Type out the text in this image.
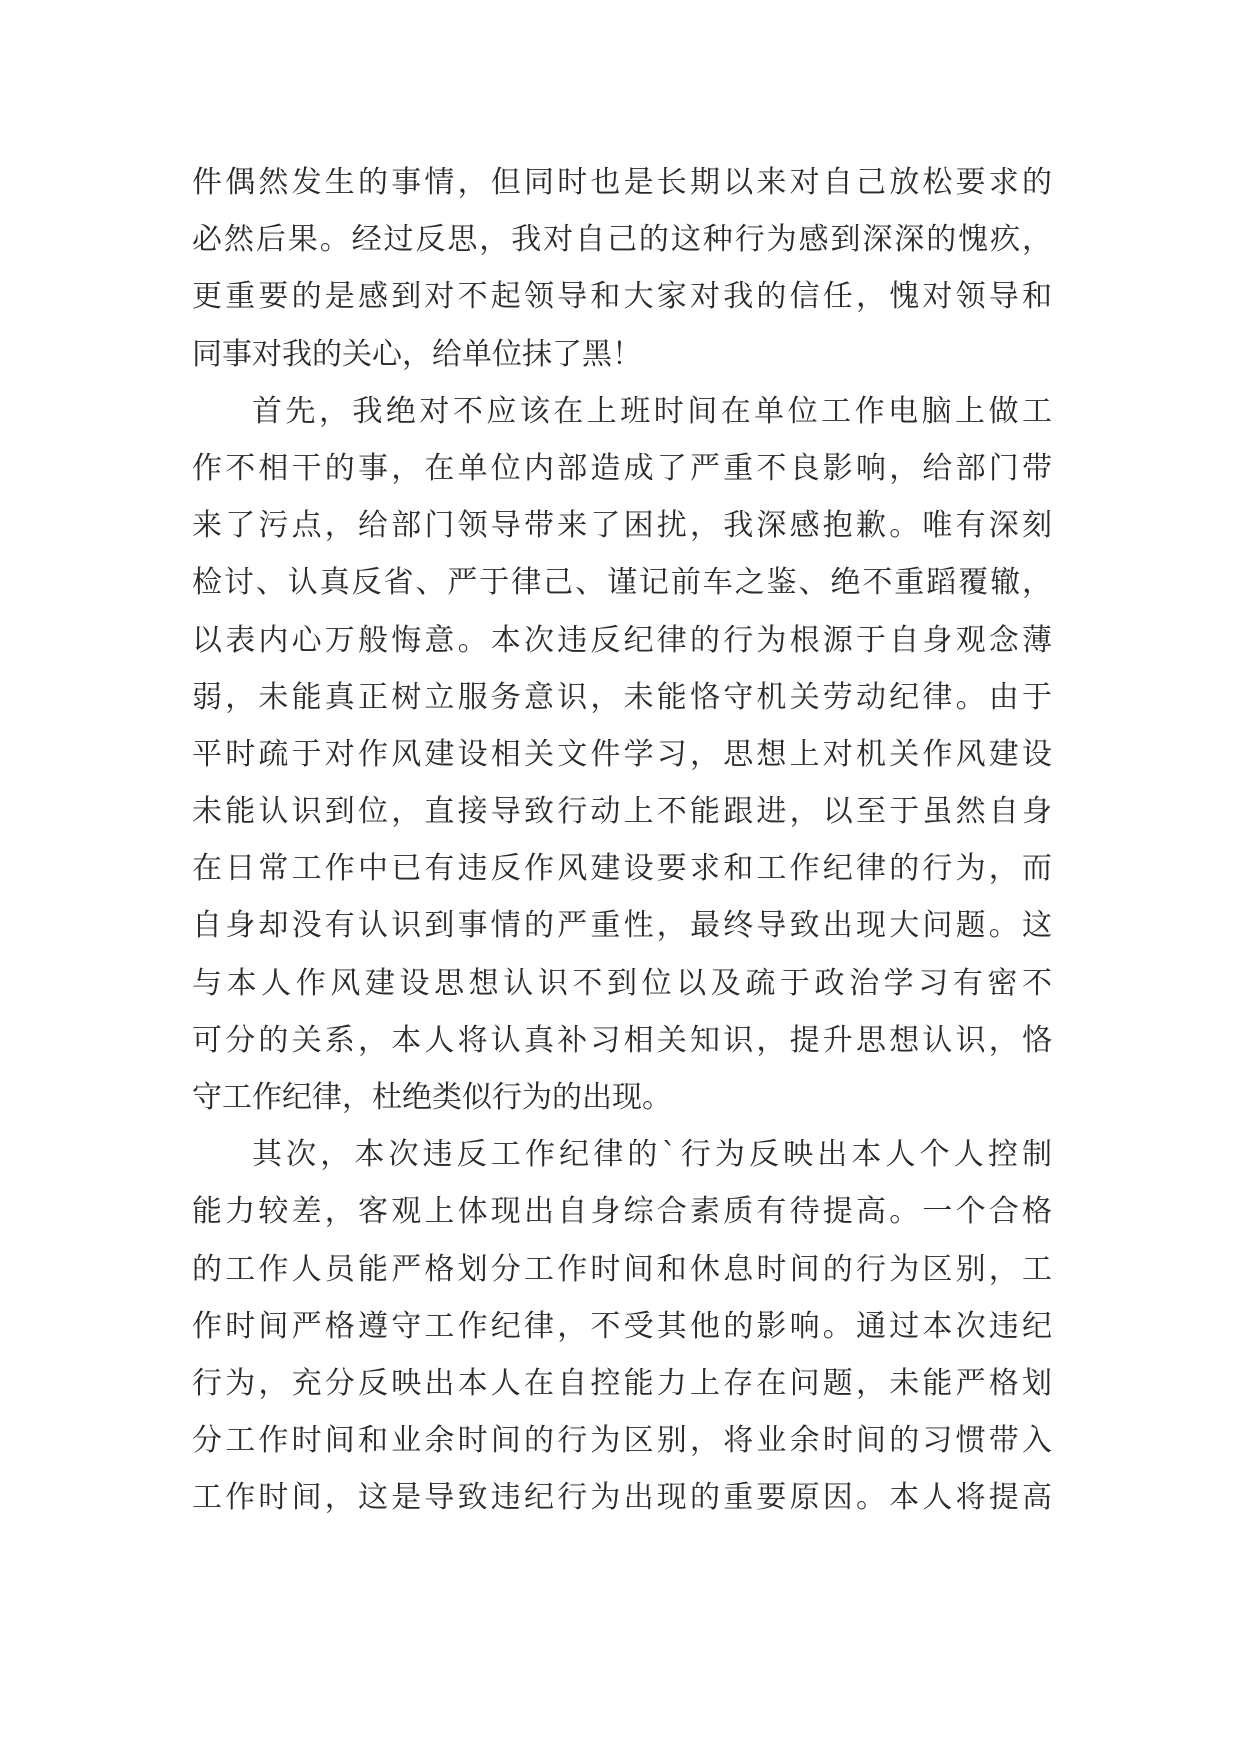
件偶然发生的事情，但同时也是长期以来对自己放松要求的
必然后果。经过反思，我对自己的这种行为感到深深的愧疚，
更重要的是感到对不起领导和大家对我的信任，愧对领导和
同事对我的关心，给单位抹了黑！
首先，我绝对不应该在上班时间在单位工作电脑上做工
作不相干的事，在单位内部造成了严重不良影响，给部门带
来了污点，给部门领导带来了困扰，我深感抱歉。唯有深刻
检讨、认真反省、严于律己、谨记前车之鉴、绝不重蹈覆辙，
以表内心万般悔意。本次违反纪律的行为根源于自身观念薄
弱，未能真正树立服务意识，未能恪守机关劳动纪律。由于
平时疏于对作风建设相关文件学习，思想上对机关作风建设
未能认识到位，直接导致行动上不能跟进，以至于虽然自身
在日常工作中已有违反作风建设要求和工作纪律的行为，而
自身却没有认识到事情的严重性，最终导致出现大问题。这
与本人作风建设思想认识不到位以及疏于政治学习有密不
可分的关系，本人将认真补习相关知识，提升思想认识，恪
守工作纪律，杜绝类似行为的出现。
其次，本次违反工作纪律的`行为反映出本人个人控制
能力较差，客观上体现出自身综合素质有待提高。一个合格
的工作人员能严格划分工作时间和休息时间的行为区别，工
作时间严格遵守工作纪律，不受其他的影响。通过本次违纪
行为，充分反映出本人在自控能力上存在问题，未能严格划
分工作时间和业余时间的行为区别，将业余时间的习惯带入
工作时间，这是导致违纪行为出现的重要原因。本人将提高
